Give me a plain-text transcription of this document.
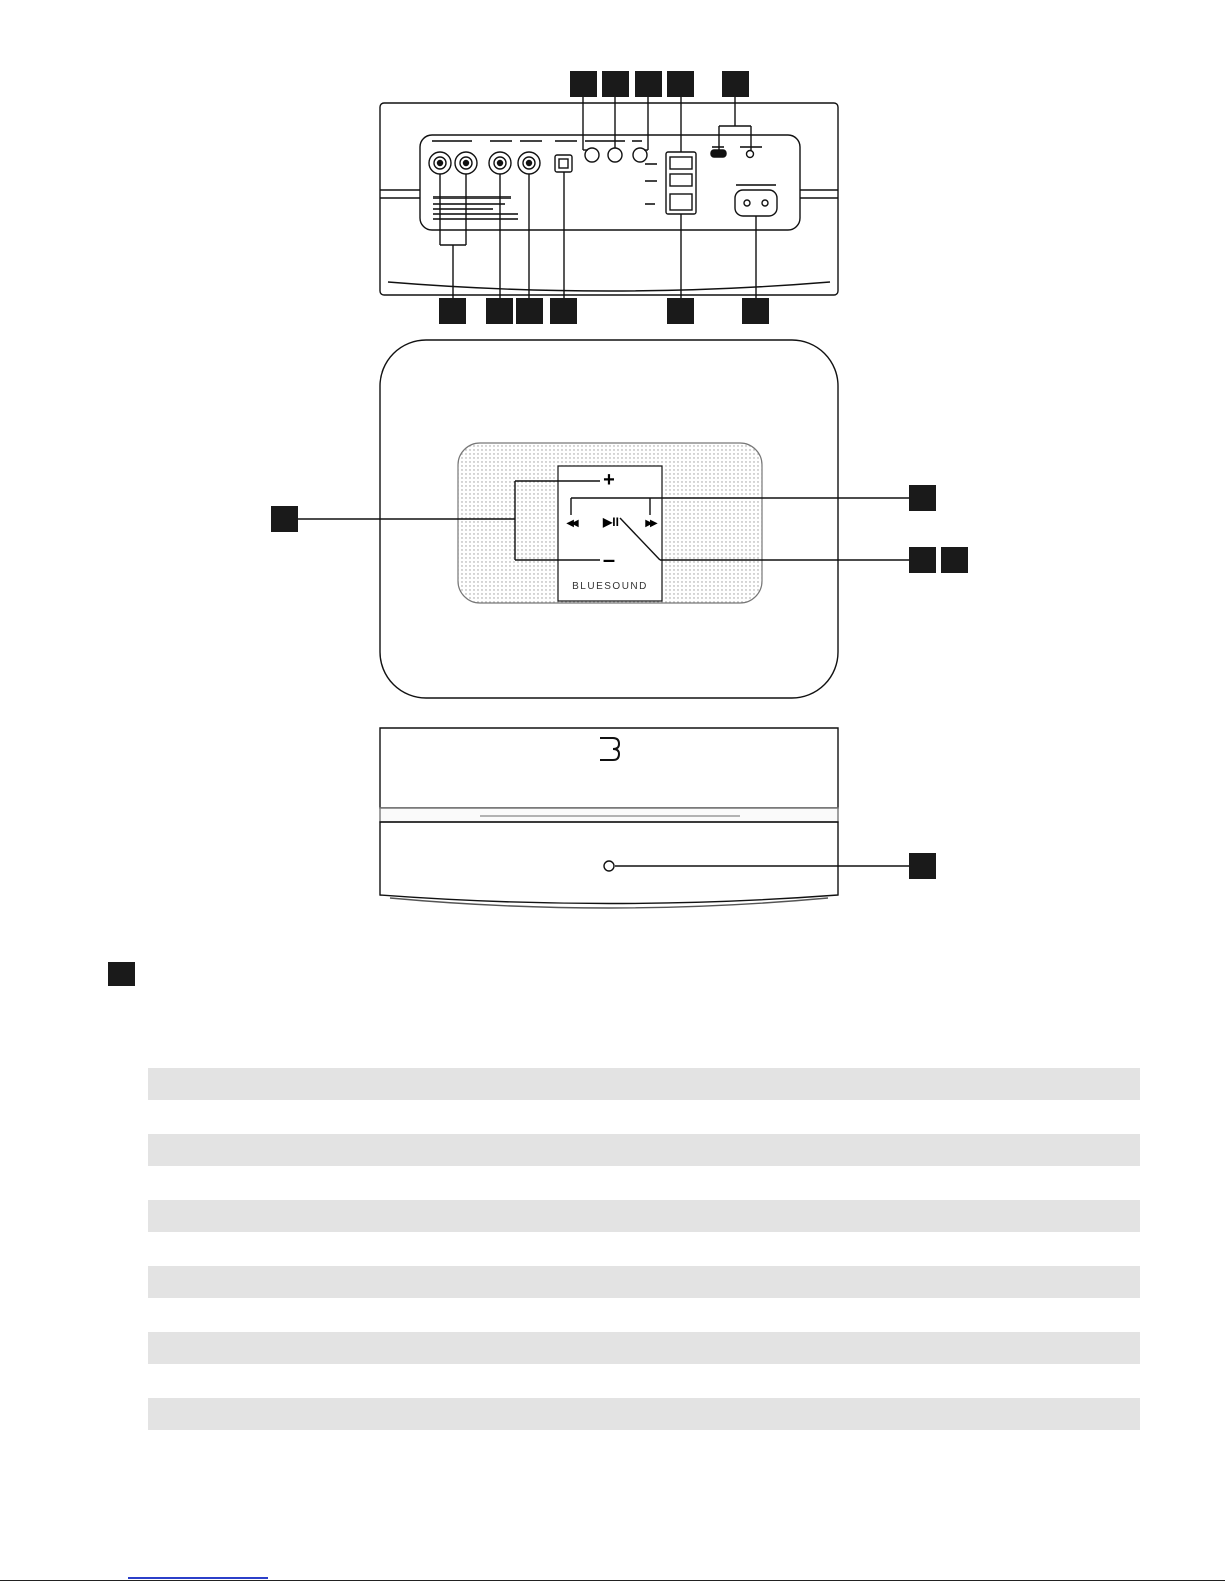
+
–
◀◀ ▶II	▶▶
BLUESOUND
